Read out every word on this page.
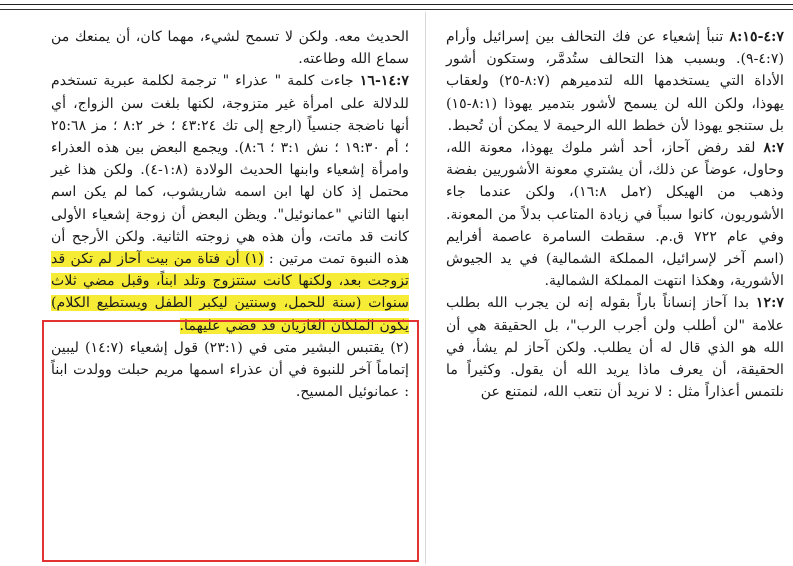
٤:٧-٨:١٥ تنبأ إشعياء عن فك التحالف بين إسرائيل وأرام (٤:٧-٩). وبسبب هذا التحالف ستُدمَّر، وستكون أشور الأداة التي يستخدمها الله لتدميرهم (٨:٧-٢٥) ولعقاب يهوذا، ولكن الله لن يسمح لأشور بتدمير يهوذا (٨:١-١٥) بل ستنجو يهوذا لأن خطط الله الرحيمة لا يمكن أن تُحبط.

٨:٧ لقد رفض آحاز، أحد أشر ملوك يهوذا، معونة الله، وحاول، عوضاً عن ذلك، أن يشتري معونة الأشوريين بفضة وذهب من الهيكل (٢مل ١٦:٨)، ولكن عندما جاء الأشوريون، كانوا سبباً في زيادة المتاعب بدلاً من المعونة. وفي عام ٧٢٢ ق.م. سقطت السامرة عاصمة أفرايم (اسم آخر لإسرائيل، المملكة الشمالية) في يد الجيوش الأشورية، وهكذا انتهت المملكة الشمالية.

١٢:٧ بدا آحاز إنساناً باراً بقوله إنه لن يجرب الله بطلب علامة "لن أطلب ولن أجرب الرب"، بل الحقيقة هي أن الله هو الذي قال له أن يطلب. ولكن آحاز لم يشأ، في الحقيقة، أن يعرف ماذا يريد الله أن يقول. وكثيراً ما نلتمس أعذاراً مثل : لا نريد أن نتعب الله، لنمتنع عن

الحديث معه. ولكن لا تسمح لشيء، مهما كان، أن يمنعك من سماع الله وطاعته.

١٤:٧-١٦ جاءت كلمة " عذراء " ترجمة لكلمة عبرية تستخدم للدلالة على امرأة غير متزوجة، لكنها بلغت سن الزواج، أي أنها ناضجة جنسياً (ارجع إلى تك ٤٣:٢٤ ؛ خر ٨:٢ ؛ مز ٢٥:٦٨ ؛ أم ١٩:٣٠ ؛ نش ٣:١ ؛ ٨:٦). ويجمع البعض بين هذه العذراء وامرأة إشعياء وابنها الحديث الولادة (١:٨-٤). ولكن هذا غير محتمل إذ كان لها ابن اسمه شاريشوب، كما لم يكن اسم ابنها الثاني "عمانوئيل". ويظن البعض أن زوجة إشعياء الأولى كانت قد ماتت، وأن هذه هي زوجته الثانية. ولكن الأرجح أن هذه النبوة تمت مرتين : (١) أن فتاة من بيت آحاز لم تكن قد تزوجت بعد، ولكنها كانت ستتزوج وتلد ابناً، وقبل مضي ثلاث سنوات (سنة للحمل، وسنتين ليكبر الطفل ويستطيع الكلام) يكون الملكان الغازيان قد قضي عليهما.

(٢) يقتبس البشير متى في (٢٣:١) قول إشعياء (١٤:٧) ليبين إتماماً آخر للنبوة في أن عذراء اسمها مريم حبلت وولدت ابناً : عمانوئيل المسيح.
